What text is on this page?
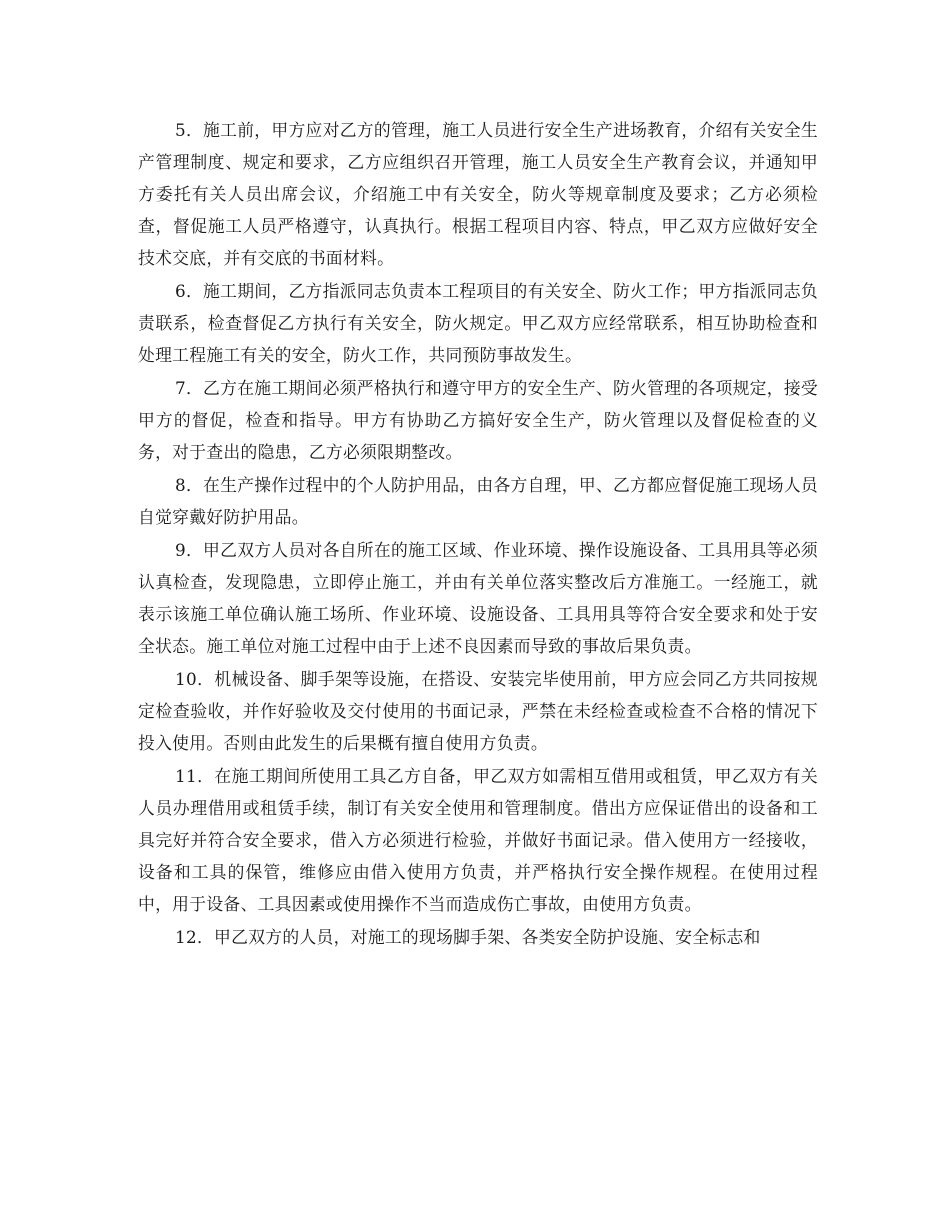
5．施工前，甲方应对乙方的管理，施工人员进行安全生产进场教育，介绍有关安全生产管理制度、规定和要求，乙方应组织召开管理，施工人员安全生产教育会议，并通知甲方委托有关人员出席会议，介绍施工中有关安全，防火等规章制度及要求；乙方必须检查，督促施工人员严格遵守，认真执行。根据工程项目内容、特点，甲乙双方应做好安全技术交底，并有交底的书面材料。

6．施工期间，乙方指派同志负责本工程项目的有关安全、防火工作；甲方指派同志负责联系，检查督促乙方执行有关安全，防火规定。甲乙双方应经常联系，相互协助检查和处理工程施工有关的安全，防火工作，共同预防事故发生。

7．乙方在施工期间必须严格执行和遵守甲方的安全生产、防火管理的各项规定，接受甲方的督促，检查和指导。甲方有协助乙方搞好安全生产，防火管理以及督促检查的义务，对于查出的隐患，乙方必须限期整改。

8．在生产操作过程中的个人防护用品，由各方自理，甲、乙方都应督促施工现场人员自觉穿戴好防护用品。

9．甲乙双方人员对各自所在的施工区域、作业环境、操作设施设备、工具用具等必须认真检查，发现隐患，立即停止施工，并由有关单位落实整改后方准施工。一经施工，就表示该施工单位确认施工场所、作业环境、设施设备、工具用具等符合安全要求和处于安全状态。施工单位对施工过程中由于上述不良因素而导致的事故后果负责。

10．机械设备、脚手架等设施，在搭设、安装完毕使用前，甲方应会同乙方共同按规定检查验收，并作好验收及交付使用的书面记录，严禁在未经检查或检查不合格的情况下投入使用。否则由此发生的后果概有擅自使用方负责。

11．在施工期间所使用工具乙方自备，甲乙双方如需相互借用或租赁，甲乙双方有关人员办理借用或租赁手续，制订有关安全使用和管理制度。借出方应保证借出的设备和工具完好并符合安全要求，借入方必须进行检验，并做好书面记录。借入使用方一经接收，设备和工具的保管，维修应由借入使用方负责，并严格执行安全操作规程。在使用过程中，用于设备、工具因素或使用操作不当而造成伤亡事故，由使用方负责。

12．甲乙双方的人员，对施工的现场脚手架、各类安全防护设施、安全标志和
